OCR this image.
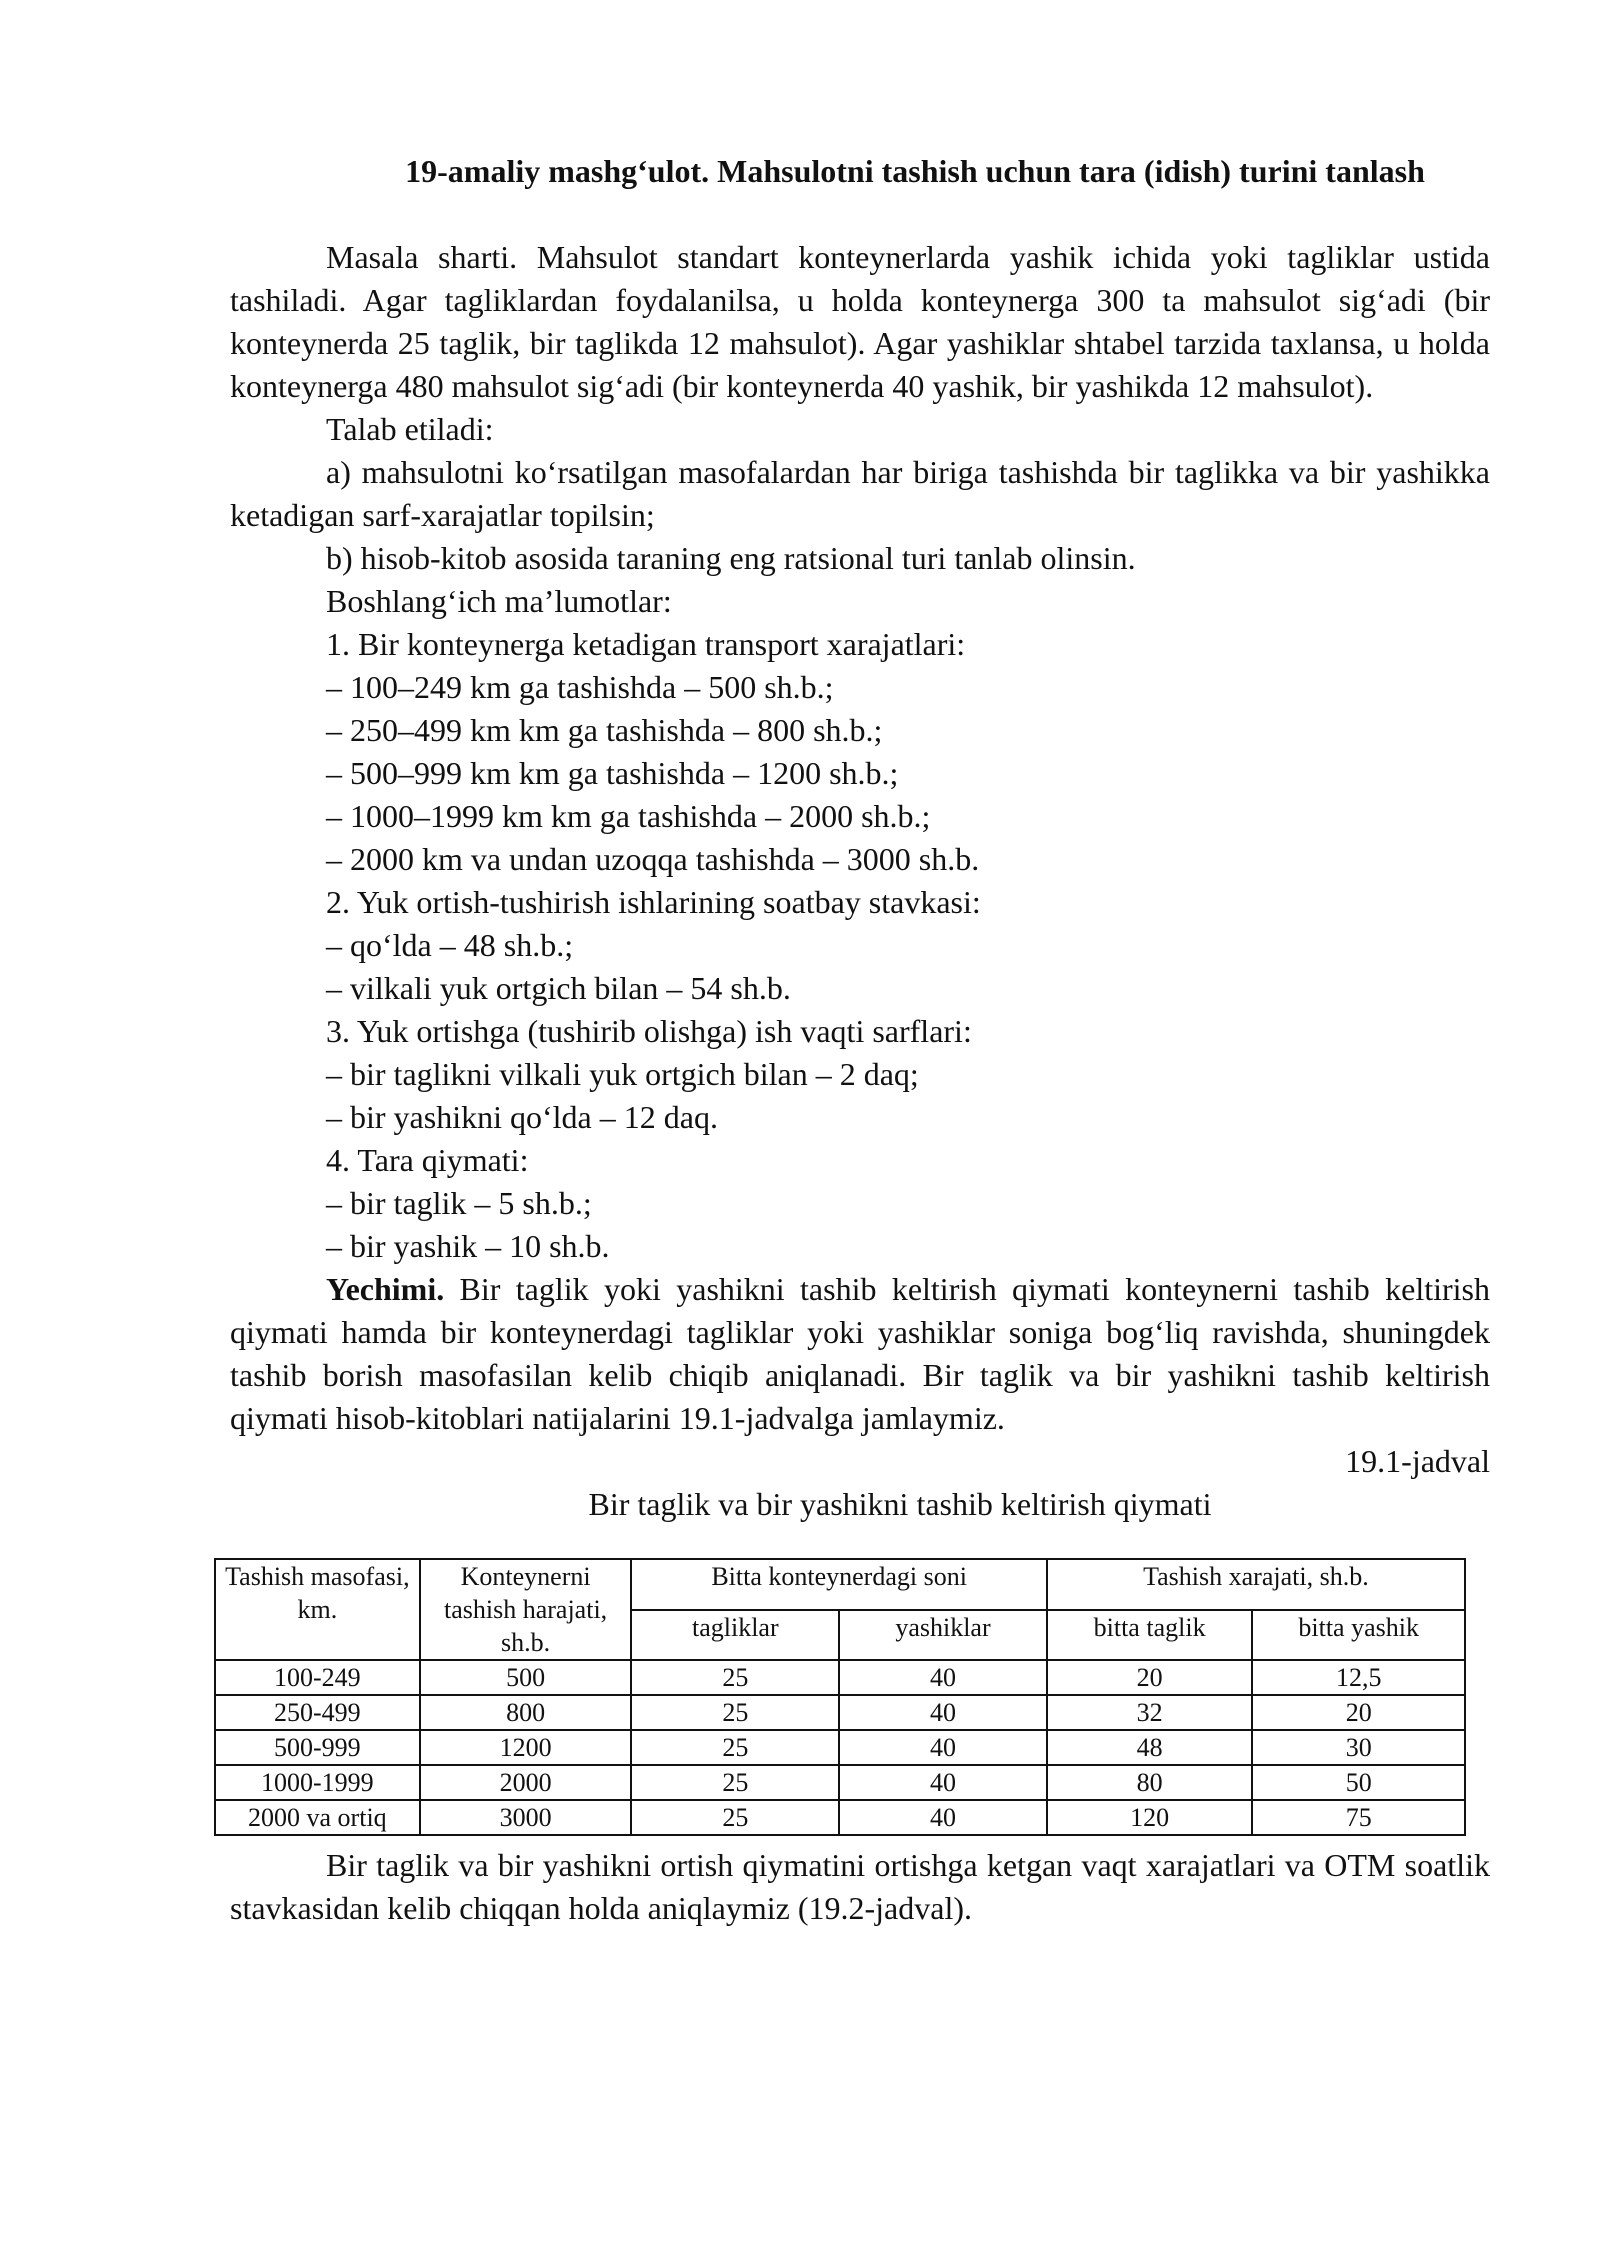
19-amaliy mashg‘ulot. Mahsulotni tashish uchun tara (idish) turini tanlash

Masala sharti. Mahsulot standart konteynerlarda yashik ichida yoki tagliklar ustida tashiladi. Agar tagliklardan foydalanilsa, u holda konteynerga 300 ta mahsulot sig‘adi (bir konteynerda 25 taglik, bir taglikda 12 mahsulot). Agar yashiklar shtabel tarzida taxlansa, u holda konteynerga 480 mahsulot sig‘adi (bir konteynerda 40 yashik, bir yashikda 12 mahsulot).

Talab etiladi:

a) mahsulotni ko‘rsatilgan masofalardan har biriga tashishda bir taglikka va bir yashikka ketadigan sarf-xarajatlar topilsin;

b) hisob-kitob asosida taraning eng ratsional turi tanlab olinsin.

Boshlang‘ich ma’lumotlar:

1. Bir konteynerga ketadigan transport xarajatlari:

– 100–249 km ga tashishda – 500 sh.b.;

– 250–499 km km ga tashishda – 800 sh.b.;

– 500–999 km km ga tashishda – 1200 sh.b.;

– 1000–1999 km km ga tashishda – 2000 sh.b.;

– 2000 km va undan uzoqqa tashishda – 3000 sh.b.

2. Yuk ortish-tushirish ishlarining soatbay stavkasi:

– qo‘lda – 48 sh.b.;

– vilkali yuk ortgich bilan – 54 sh.b.

3. Yuk ortishga (tushirib olishga) ish vaqti sarflari:

– bir taglikni vilkali yuk ortgich bilan – 2 daq;

– bir yashikni qo‘lda – 12 daq.

4. Tara qiymati:

– bir taglik – 5 sh.b.;

– bir yashik – 10 sh.b.

Yechimi. Bir taglik yoki yashikni tashib keltirish qiymati konteynerni tashib keltirish qiymati hamda bir konteynerdagi tagliklar yoki yashiklar soniga bog‘liq ravishda, shuningdek tashib borish masofasilan kelib chiqib aniqlanadi. Bir taglik va bir yashikni tashib keltirish qiymati hisob-kitoblari natijalarini 19.1-jadvalga jamlaymiz.

19.1-jadval

Bir taglik va bir yashikni tashib keltirish qiymati

Tashish masofasi, km.	Konteynerni tashish harajati, sh.b.	Bitta konteynerdagi soni		Tashish xarajati, sh.b.	
		tagliklar	yashiklar	bitta taglik	bitta yashik
100-249	500	25	40	20	12,5
250-499	800	25	40	32	20
500-999	1200	25	40	48	30
1000-1999	2000	25	40	80	50
2000 va ortiq	3000	25	40	120	75

Bir taglik va bir yashikni ortish qiymatini ortishga ketgan vaqt xarajatlari va OTM soatlik stavkasidan kelib chiqqan holda aniqlaymiz (19.2-jadval).
